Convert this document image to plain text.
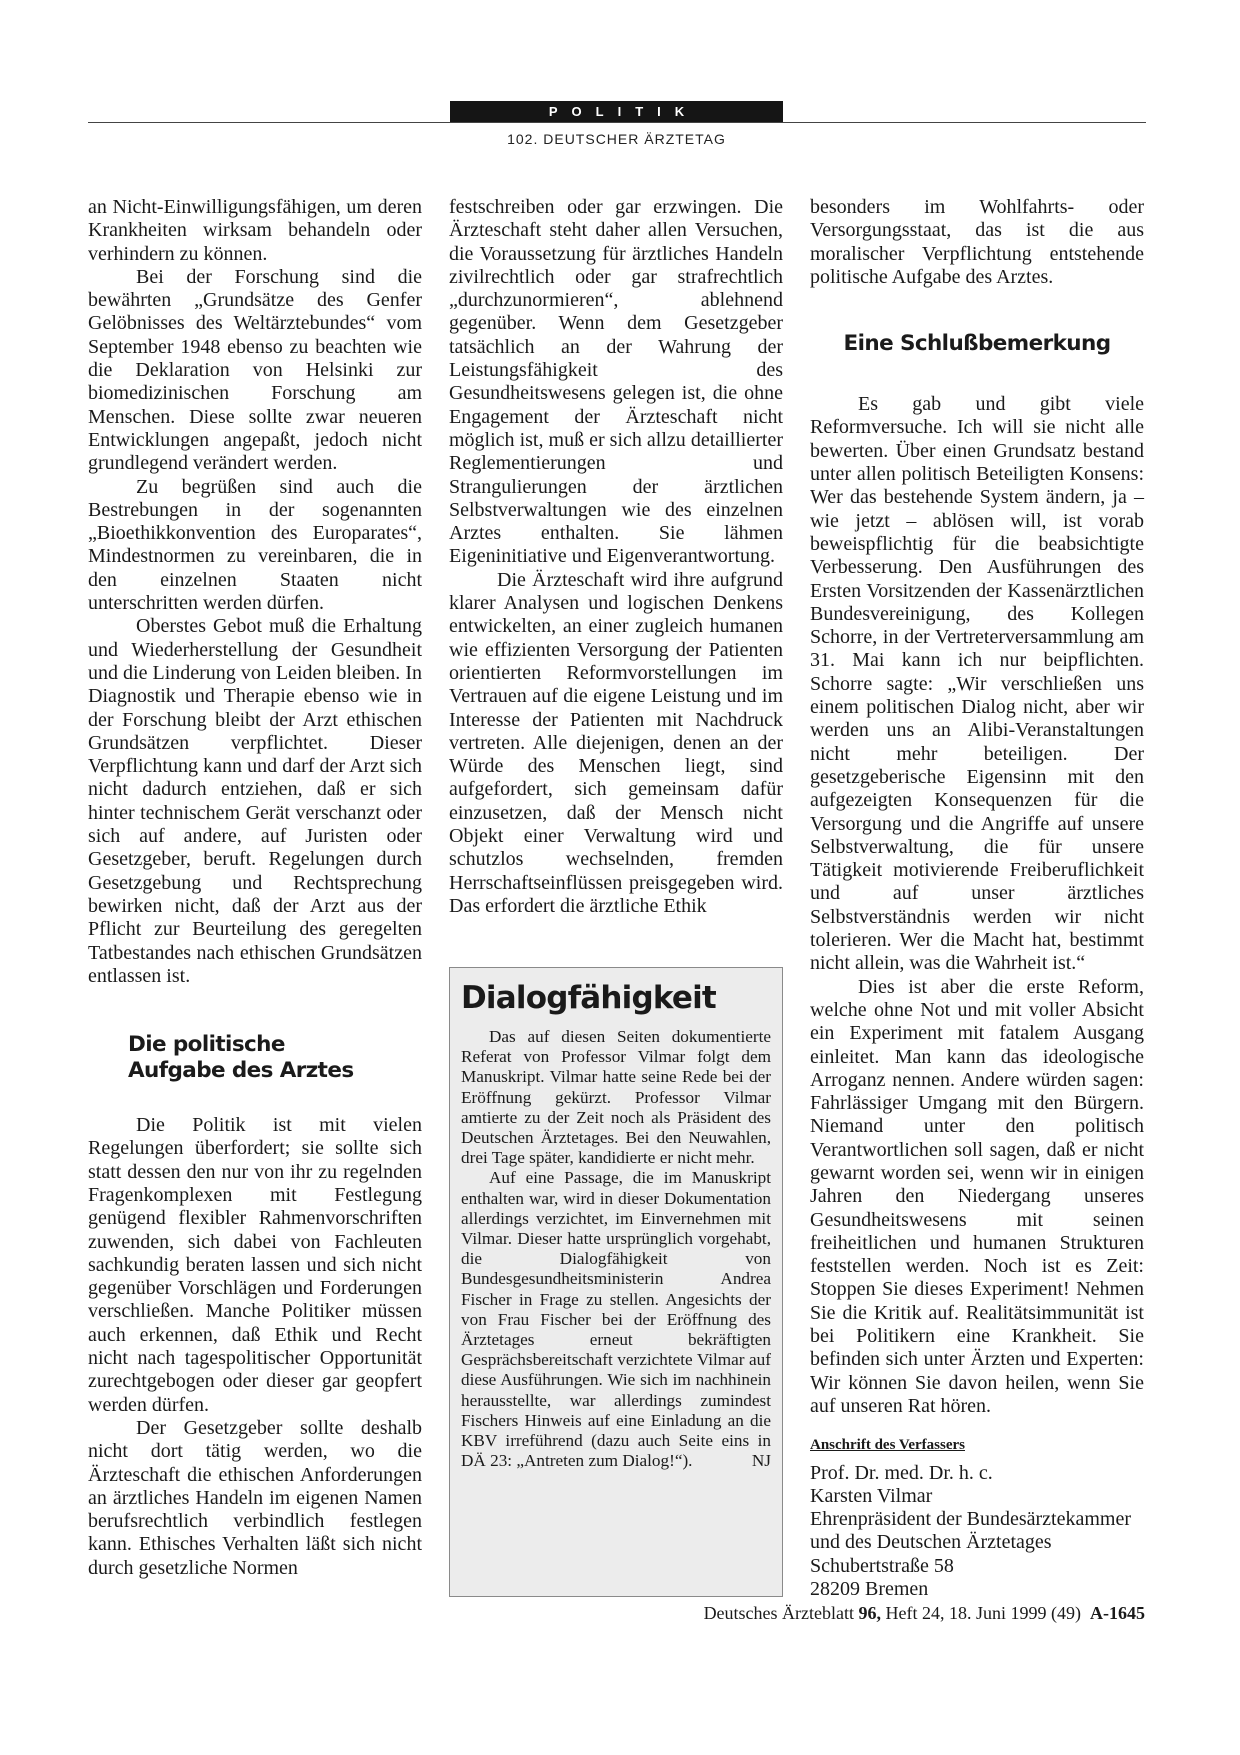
POLITIK
102. DEUTSCHER ÄRZTETAG

an Nicht-Einwilligungsfähigen, um deren Krankheiten wirksam behandeln oder verhindern zu können.

Bei der Forschung sind die bewährten „Grundsätze des Genfer Gelöbnisses des Weltärztebundes“ vom September 1948 ebenso zu beachten wie die Deklaration von Helsinki zur biomedizinischen Forschung am Menschen. Diese sollte zwar neueren Entwicklungen angepaßt, jedoch nicht grundlegend verändert werden.

Zu begrüßen sind auch die Bestrebungen in der sogenannten „Bioethikkonvention des Europarates“, Mindestnormen zu vereinbaren, die in den einzelnen Staaten nicht unterschritten werden dürfen.

Oberstes Gebot muß die Erhaltung und Wiederherstellung der Gesundheit und die Linderung von Leiden bleiben. In Diagnostik und Therapie ebenso wie in der Forschung bleibt der Arzt ethischen Grundsätzen verpflichtet. Dieser Verpflichtung kann und darf der Arzt sich nicht dadurch entziehen, daß er sich hinter technischem Gerät verschanzt oder sich auf andere, auf Juristen oder Gesetzgeber, beruft. Regelungen durch Gesetzgebung und Rechtsprechung bewirken nicht, daß der Arzt aus der Pflicht zur Beurteilung des geregelten Tatbestandes nach ethischen Grundsätzen entlassen ist.

Die politische
Aufgabe des Arztes

Die Politik ist mit vielen Regelungen überfordert; sie sollte sich statt dessen den nur von ihr zu regelnden Fragenkomplexen mit Festlegung genügend flexibler Rahmenvorschriften zuwenden, sich dabei von Fachleuten sachkundig beraten lassen und sich nicht gegenüber Vorschlägen und Forderungen verschließen. Manche Politiker müssen auch erkennen, daß Ethik und Recht nicht nach tagespolitischer Opportunität zurechtgebogen oder dieser gar geopfert werden dürfen.

Der Gesetzgeber sollte deshalb nicht dort tätig werden, wo die Ärzteschaft die ethischen Anforderungen an ärztliches Handeln im eigenen Namen berufsrechtlich verbindlich festlegen kann. Ethisches Verhalten läßt sich nicht durch gesetzliche Normen

festschreiben oder gar erzwingen. Die Ärzteschaft steht daher allen Versuchen, die Voraussetzung für ärztliches Handeln zivilrechtlich oder gar strafrechtlich „durchzunormieren“, ablehnend gegenüber. Wenn dem Gesetzgeber tatsächlich an der Wahrung der Leistungsfähigkeit des Gesundheitswesens gelegen ist, die ohne Engagement der Ärzteschaft nicht möglich ist, muß er sich allzu detaillierter Reglementierungen und Strangulierungen der ärztlichen Selbstverwaltungen wie des einzelnen Arztes enthalten. Sie lähmen Eigeninitiative und Eigenverantwortung.

Die Ärzteschaft wird ihre aufgrund klarer Analysen und logischen Denkens entwickelten, an einer zugleich humanen wie effizienten Versorgung der Patienten orientierten Reformvorstellungen im Vertrauen auf die eigene Leistung und im Interesse der Patienten mit Nachdruck vertreten. Alle diejenigen, denen an der Würde des Menschen liegt, sind aufgefordert, sich gemeinsam dafür einzusetzen, daß der Mensch nicht Objekt einer Verwaltung wird und schutzlos wechselnden, fremden Herrschaftseinflüssen preisgegeben wird. Das erfordert die ärztliche Ethik

Dialogfähigkeit

Das auf diesen Seiten dokumentierte Referat von Professor Vilmar folgt dem Manuskript. Vilmar hatte seine Rede bei der Eröffnung gekürzt. Professor Vilmar amtierte zu der Zeit noch als Präsident des Deutschen Ärztetages. Bei den Neuwahlen, drei Tage später, kandidierte er nicht mehr.

Auf eine Passage, die im Manuskript enthalten war, wird in dieser Dokumentation allerdings verzichtet, im Einvernehmen mit Vilmar. Dieser hatte ursprünglich vorgehabt, die Dialogfähigkeit von Bundesgesundheitsministerin Andrea Fischer in Frage zu stellen. Angesichts der von Frau Fischer bei der Eröffnung des Ärztetages erneut bekräftigten Gesprächsbereitschaft verzichtete Vilmar auf diese Ausführungen. Wie sich im nachhinein herausstellte, war allerdings zumindest Fischers Hinweis auf eine Einladung an die KBV irreführend (dazu auch Seite eins in DÄ 23: „Antreten zum Dialog!“).	NJ

besonders im Wohlfahrts- oder Versorgungsstaat, das ist die aus moralischer Verpflichtung entstehende politische Aufgabe des Arztes.

Eine Schlußbemerkung

Es gab und gibt viele Reformversuche. Ich will sie nicht alle bewerten. Über einen Grundsatz bestand unter allen politisch Beteiligten Konsens: Wer das bestehende System ändern, ja – wie jetzt – ablösen will, ist vorab beweispflichtig für die beabsichtigte Verbesserung. Den Ausführungen des Ersten Vorsitzenden der Kassenärztlichen Bundesvereinigung, des Kollegen Schorre, in der Vertreterversammlung am 31. Mai kann ich nur beipflichten. Schorre sagte: „Wir verschließen uns einem politischen Dialog nicht, aber wir werden uns an Alibi-Veranstaltungen nicht mehr beteiligen. Der gesetzgeberische Eigensinn mit den aufgezeigten Konsequenzen für die Versorgung und die Angriffe auf unsere Selbstverwaltung, die für unsere Tätigkeit motivierende Freiberuflichkeit und auf unser ärztliches Selbstverständnis werden wir nicht tolerieren. Wer die Macht hat, bestimmt nicht allein, was die Wahrheit ist.“

Dies ist aber die erste Reform, welche ohne Not und mit voller Absicht ein Experiment mit fatalem Ausgang einleitet. Man kann das ideologische Arroganz nennen. Andere würden sagen: Fahrlässiger Umgang mit den Bürgern. Niemand unter den politisch Verantwortlichen soll sagen, daß er nicht gewarnt worden sei, wenn wir in einigen Jahren den Niedergang unseres Gesundheitswesens mit seinen freiheitlichen und humanen Strukturen feststellen werden. Noch ist es Zeit: Stoppen Sie dieses Experiment! Nehmen Sie die Kritik auf. Realitätsimmunität ist bei Politikern eine Krankheit. Sie befinden sich unter Ärzten und Experten: Wir können Sie davon heilen, wenn Sie auf unseren Rat hören.

Anschrift des Verfassers
Prof. Dr. med. Dr. h. c.
Karsten Vilmar
Ehrenpräsident der Bundesärztekammer und des Deutschen Ärztetages
Schubertstraße 58
28209 Bremen
Deutsches Ärzteblatt 96, Heft 24, 18. Juni 1999 (49) A-1645
